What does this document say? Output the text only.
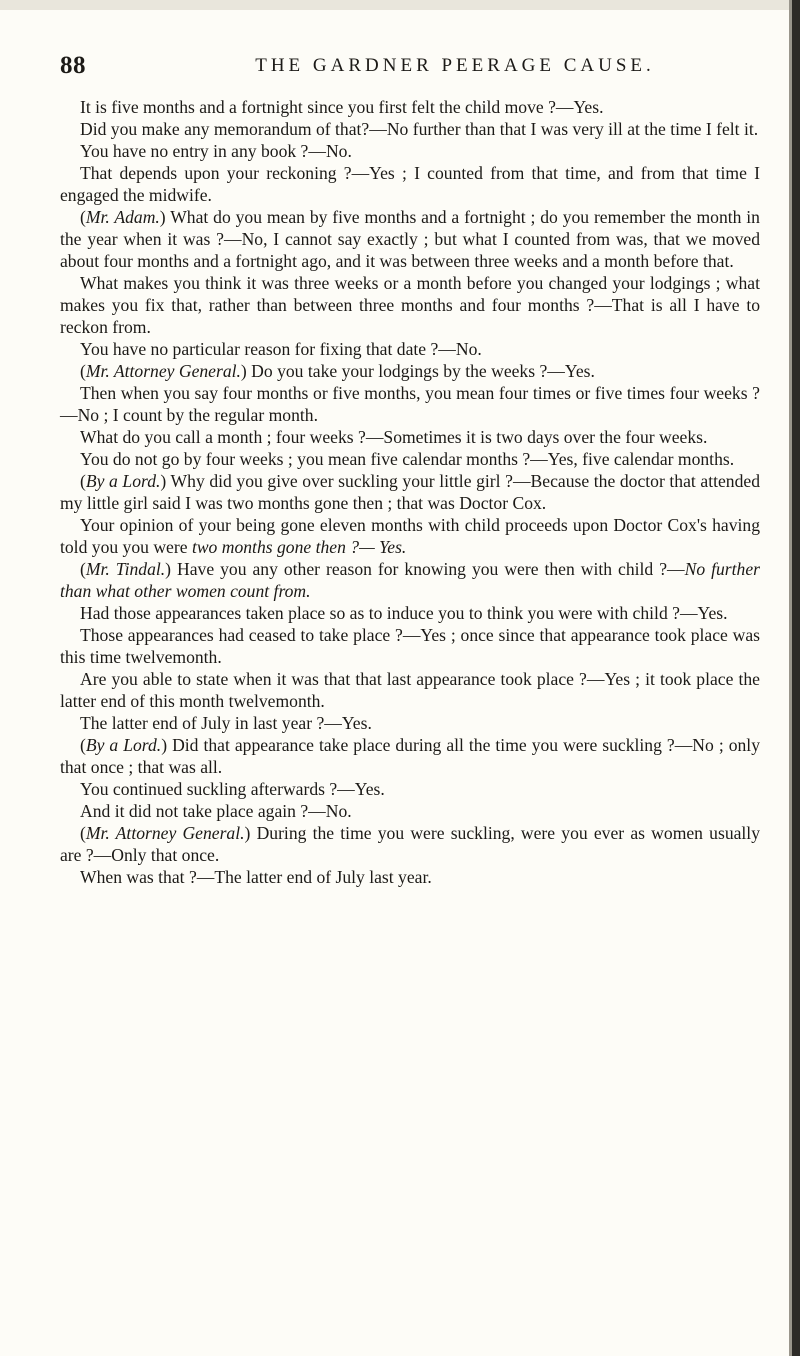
88	THE GARDNER PEERAGE CAUSE.

It is five months and a fortnight since you first felt the child move ?—Yes.

Did you make any memorandum of that?—No further than that I was very ill at the time I felt it.

You have no entry in any book ?—No.

That depends upon your reckoning ?—Yes ; I counted from that time, and from that time I engaged the midwife.

(Mr. Adam.) What do you mean by five months and a fortnight ; do you remember the month in the year when it was ?—No, I cannot say exactly ; but what I counted from was, that we moved about four months and a fortnight ago, and it was between three weeks and a month before that.

What makes you think it was three weeks or a month before you changed your lodgings ; what makes you fix that, rather than between three months and four months ?—That is all I have to reckon from.

You have no particular reason for fixing that date ?—No.

(Mr. Attorney General.) Do you take your lodgings by the weeks ?—Yes.

Then when you say four months or five months, you mean four times or five times four weeks ?—No ; I count by the regular month.

What do you call a month ; four weeks ?—Sometimes it is two days over the four weeks.

You do not go by four weeks ; you mean five calendar months ?—Yes, five calendar months.

(By a Lord.) Why did you give over suckling your little girl ?—Because the doctor that attended my little girl said I was two months gone then ; that was Doctor Cox.

Your opinion of your being gone eleven months with child proceeds upon Doctor Cox's having told you you were two months gone then ?— Yes.

(Mr. Tindal.) Have you any other reason for knowing you were then with child ?—No further than what other women count from.

Had those appearances taken place so as to induce you to think you were with child ?—Yes.

Those appearances had ceased to take place ?—Yes ; once since that appearance took place was this time twelvemonth.

Are you able to state when it was that that last appearance took place ?—Yes ; it took place the latter end of this month twelvemonth.

The latter end of July in last year ?—Yes.

(By a Lord.) Did that appearance take place during all the time you were suckling ?—No ; only that once ; that was all.

You continued suckling afterwards ?—Yes.

And it did not take place again ?—No.

(Mr. Attorney General.) During the time you were suckling, were you ever as women usually are ?—Only that once.

When was that ?—The latter end of July last year.
